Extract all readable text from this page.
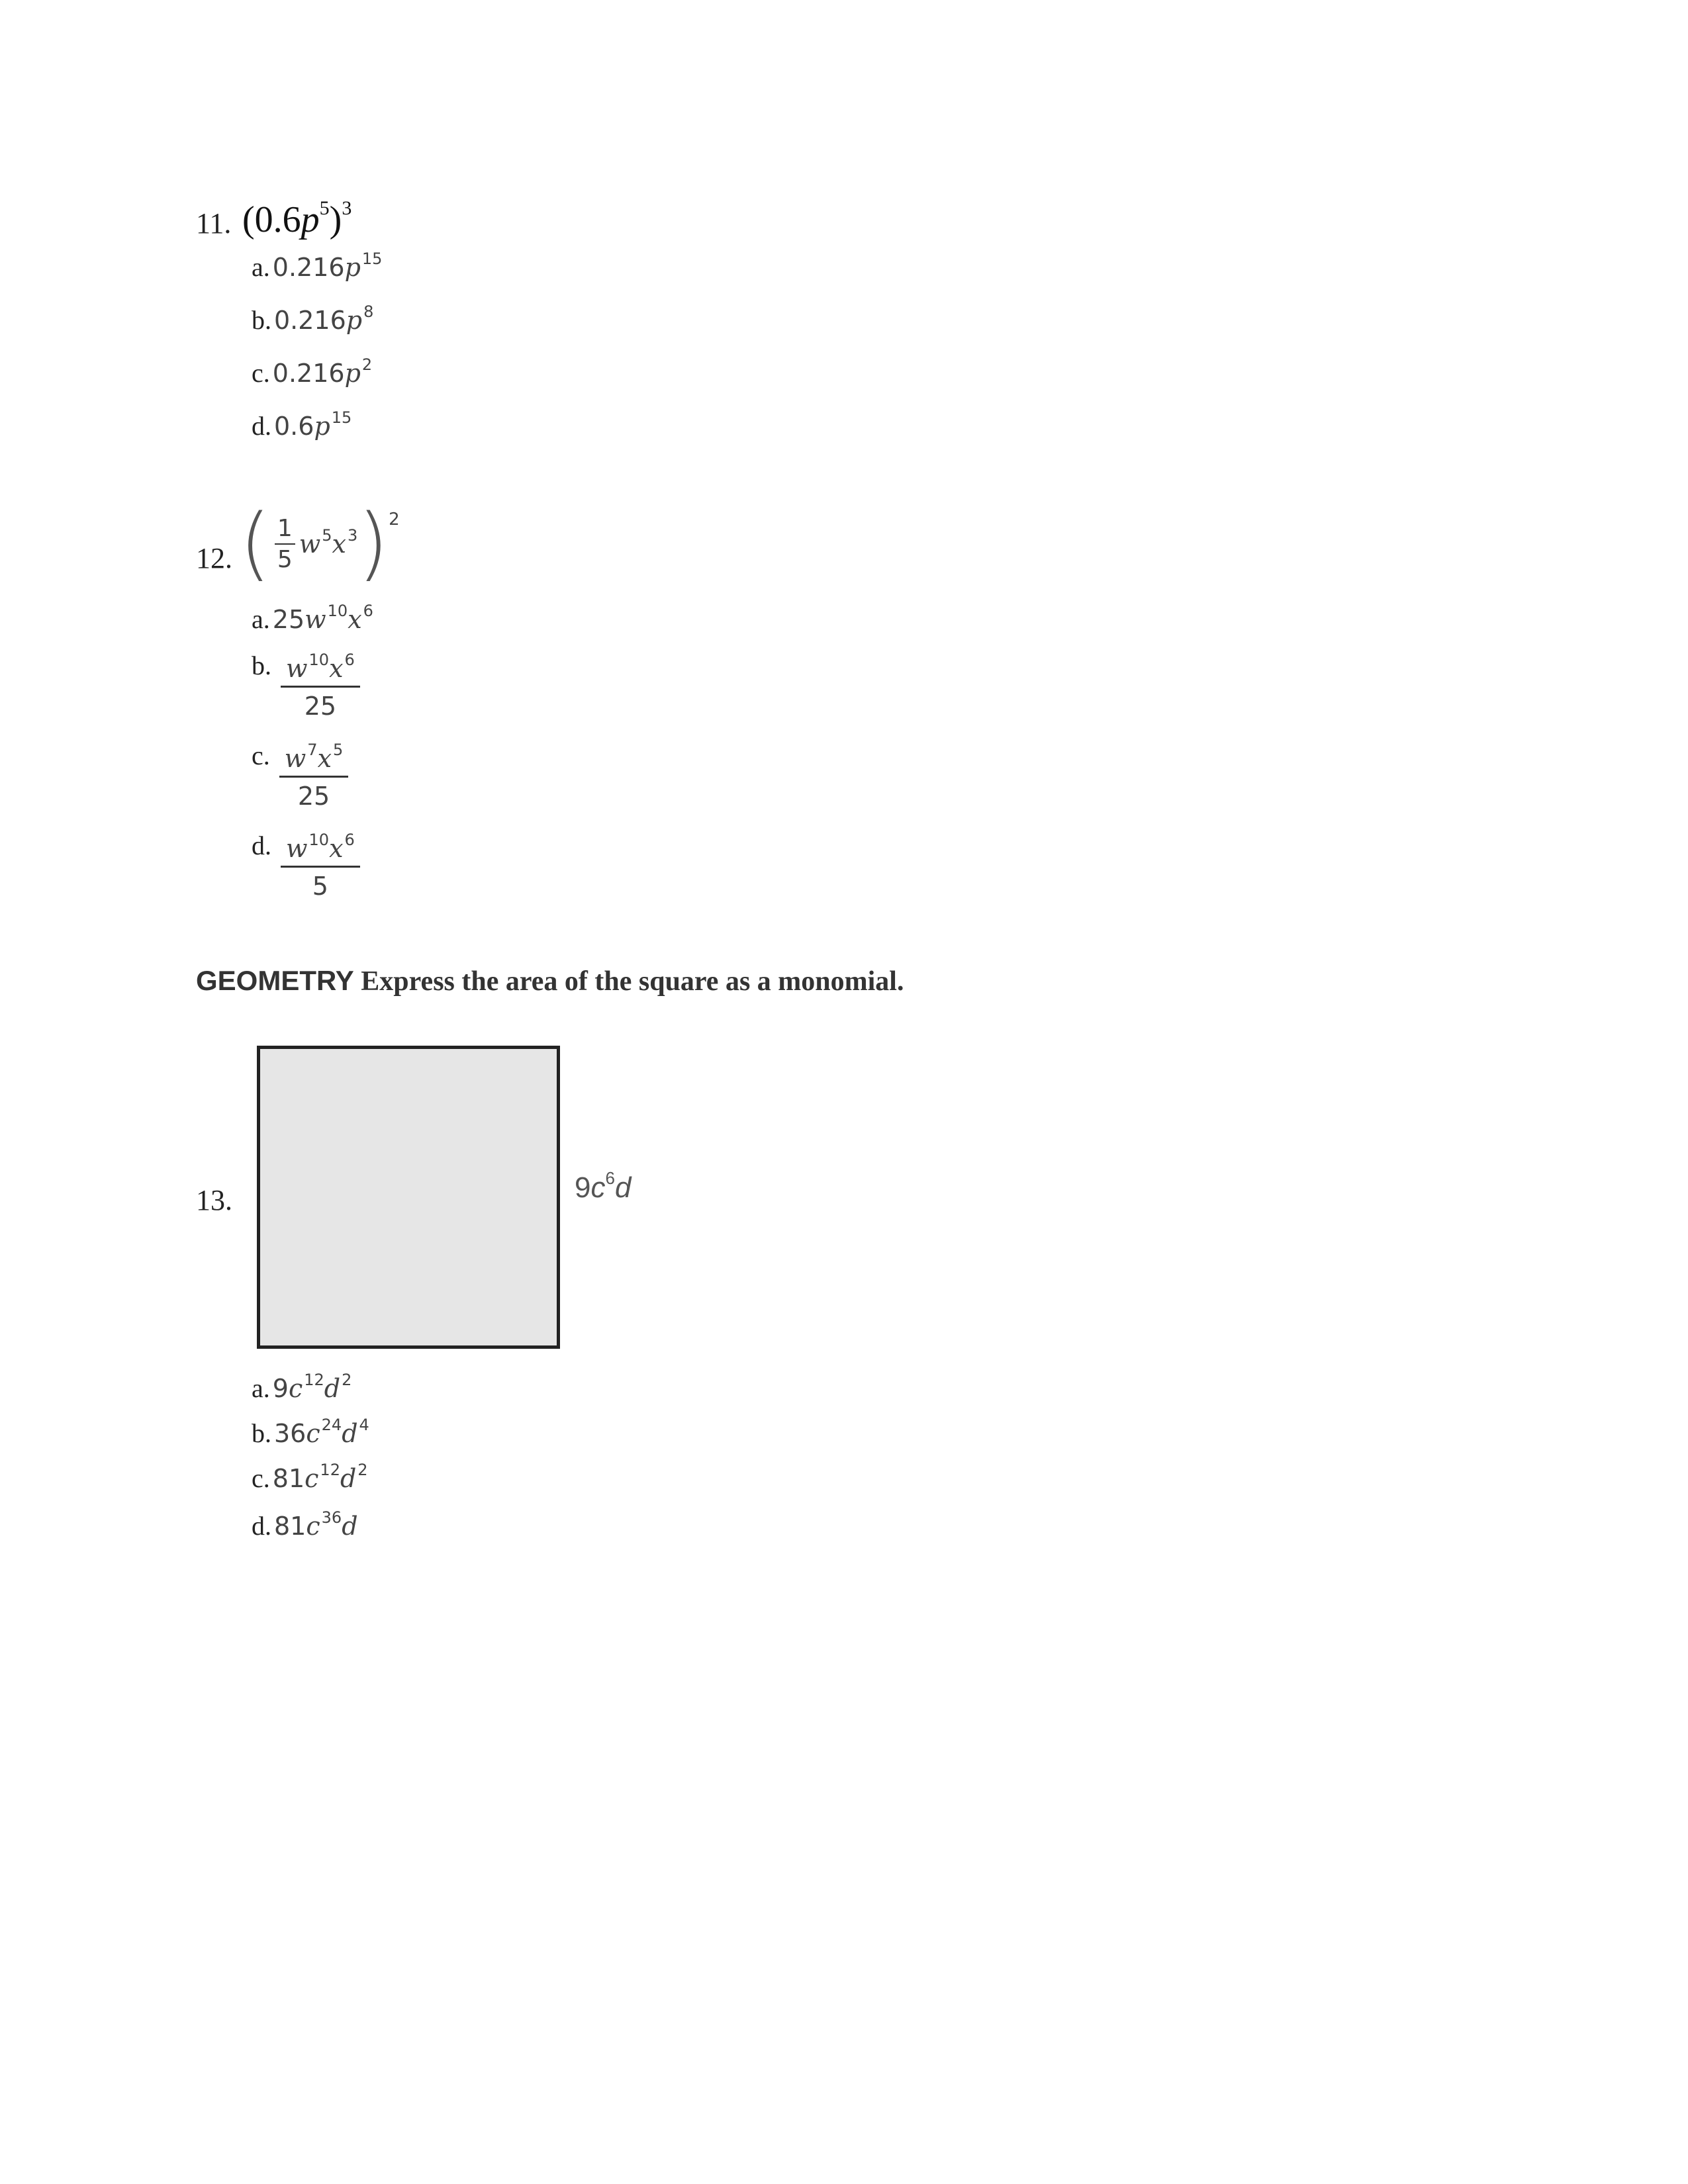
11. $(0.6p^5)^3$
a. $0.216p^{15}$
b. $0.216p^8$
c. $0.216p^2$
d. $0.6p^{15}$
12. ( $\frac{1}{5} w^5x^3$ )$^2$
a. $25w^{10}x^6$
b. $\frac{w^{10}x^6}{25}$
c. $\frac{w^7x^5}{25}$
d. $\frac{w^{10}x^6}{5}$
GEOMETRY Express the area of the square as a monomial.
13.	$9c^6d$
a. $9c^{12}d^2$
b. $36c^{24}d^4$
c. $81c^{12}d^2$
d. $81c^{36}d$
